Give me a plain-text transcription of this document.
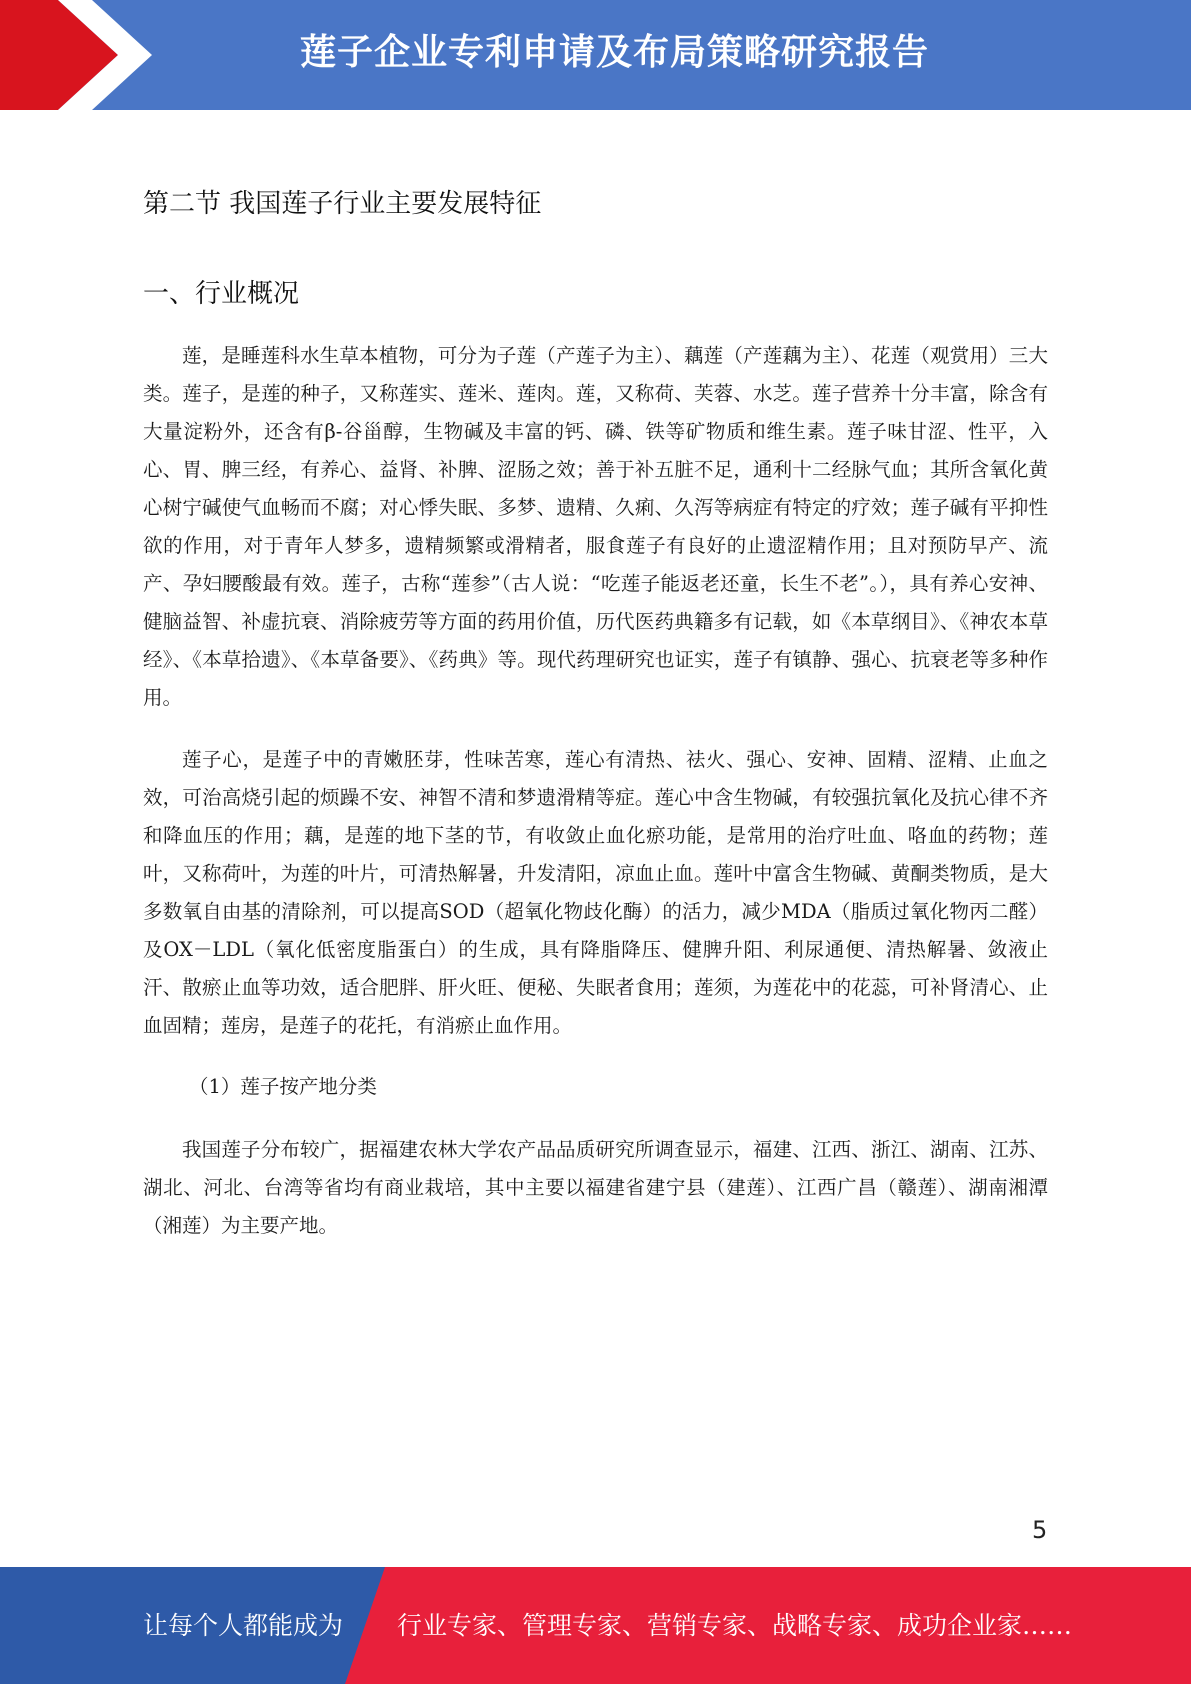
莲子企业专利申请及布局策略研究报告
第二节 我国莲子行业主要发展特征
一、行业概况

莲，是睡莲科水生草本植物，可分为子莲（产莲子为主）、藕莲（产莲藕为主）、花莲（观赏用）三大类。莲子，是莲的种子，又称莲实、莲米、莲肉。莲，又称荷、芙蓉、水芝。莲子营养十分丰富，除含有大量淀粉外，还含有β-谷甾醇，生物碱及丰富的钙、磷、铁等矿物质和维生素。莲子味甘涩、性平，入心、胃、脾三经，有养心、益肾、补脾、涩肠之效；善于补五脏不足，通利十二经脉气血；其所含氧化黄心树宁碱使气血畅而不腐；对心悸失眠、多梦、遗精、久痢、久泻等病症有特定的疗效；莲子碱有平抑性欲的作用，对于青年人梦多，遗精频繁或滑精者，服食莲子有良好的止遗涩精作用；且对预防早产、流产、孕妇腰酸最有效。莲子，古称“莲参”（古人说：“吃莲子能返老还童，长生不老”。），具有养心安神、健脑益智、补虚抗衰、消除疲劳等方面的药用价值，历代医药典籍多有记载，如《本草纲目》、《神农本草经》、《本草拾遗》、《本草备要》、《药典》等。现代药理研究也证实，莲子有镇静、强心、抗衰老等多种作用。

莲子心，是莲子中的青嫩胚芽，性味苦寒，莲心有清热、祛火、强心、安神、固精、涩精、止血之效，可治高烧引起的烦躁不安、神智不清和梦遗滑精等症。莲心中含生物碱，有较强抗氧化及抗心律不齐和降血压的作用；藕，是莲的地下茎的节，有收敛止血化瘀功能，是常用的治疗吐血、咯血的药物；莲叶，又称荷叶，为莲的叶片，可清热解暑，升发清阳，凉血止血。莲叶中富含生物碱、黄酮类物质，是大多数氧自由基的清除剂，可以提高SOD（超氧化物歧化酶）的活力，减少MDA（脂质过氧化物丙二醛）及OX－LDL（氧化低密度脂蛋白）的生成，具有降脂降压、健脾升阳、利尿通便、清热解暑、敛液止汗、散瘀止血等功效，适合肥胖、肝火旺、便秘、失眠者食用；莲须，为莲花中的花蕊，可补肾清心、止血固精；莲房，是莲子的花托，有消瘀止血作用。

（1）莲子按产地分类

我国莲子分布较广，据福建农林大学农产品品质研究所调查显示，福建、江西、浙江、湖南、江苏、湖北、河北、台湾等省均有商业栽培，其中主要以福建省建宁县（建莲）、江西广昌（赣莲）、湖南湘潭（湘莲）为主要产地。

5
让每个人都能成为 行业专家、管理专家、营销专家、战略专家、成功企业家……
